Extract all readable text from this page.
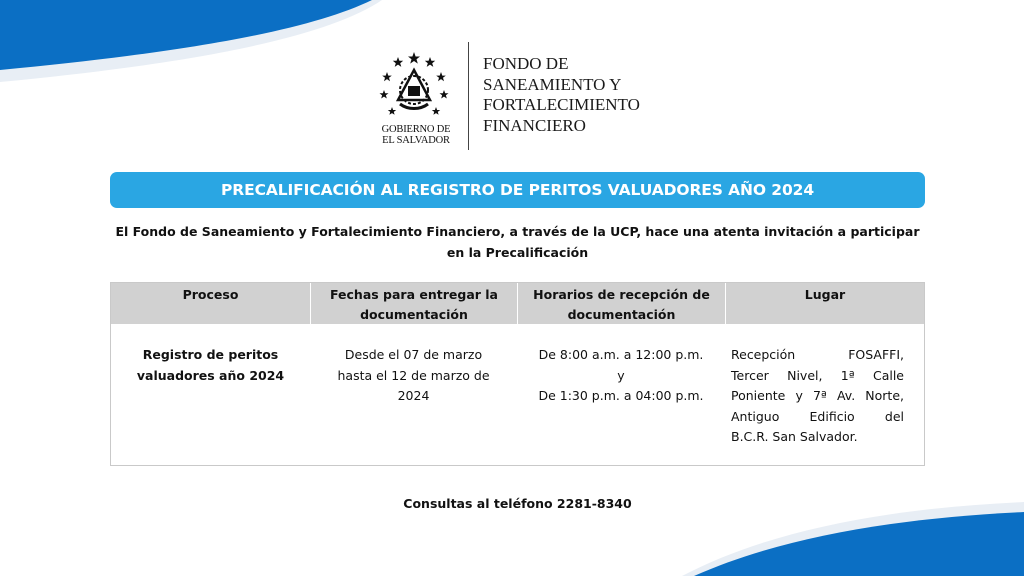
GOBIERNO DE
EL SALVADOR
FONDO DE
SANEAMIENTO Y
FORTALECIMIENTO
FINANCIERO
PRECALIFICACIÓN AL REGISTRO DE PERITOS VALUADORES AÑO 2024
El Fondo de Saneamiento y Fortalecimiento Financiero, a través de la UCP, hace una atenta invitación a participar
en la Precalificación
Proceso	Fechas para entregar la
documentación
Horarios de recepción de
documentación
Lugar
Registro de peritos
valuadores año 2024
Desde el 07 de marzo
hasta el 12 de marzo de
2024
De 8:00 a.m. a 12:00 p.m.
y
De 1:30 p.m. a 04:00 p.m.
Recepción FOSAFFI,
Tercer Nivel, 1ª Calle
Poniente y 7ª Av. Norte,
Antiguo Edificio del
B.C.R. San Salvador.
Consultas al teléfono 2281-8340
